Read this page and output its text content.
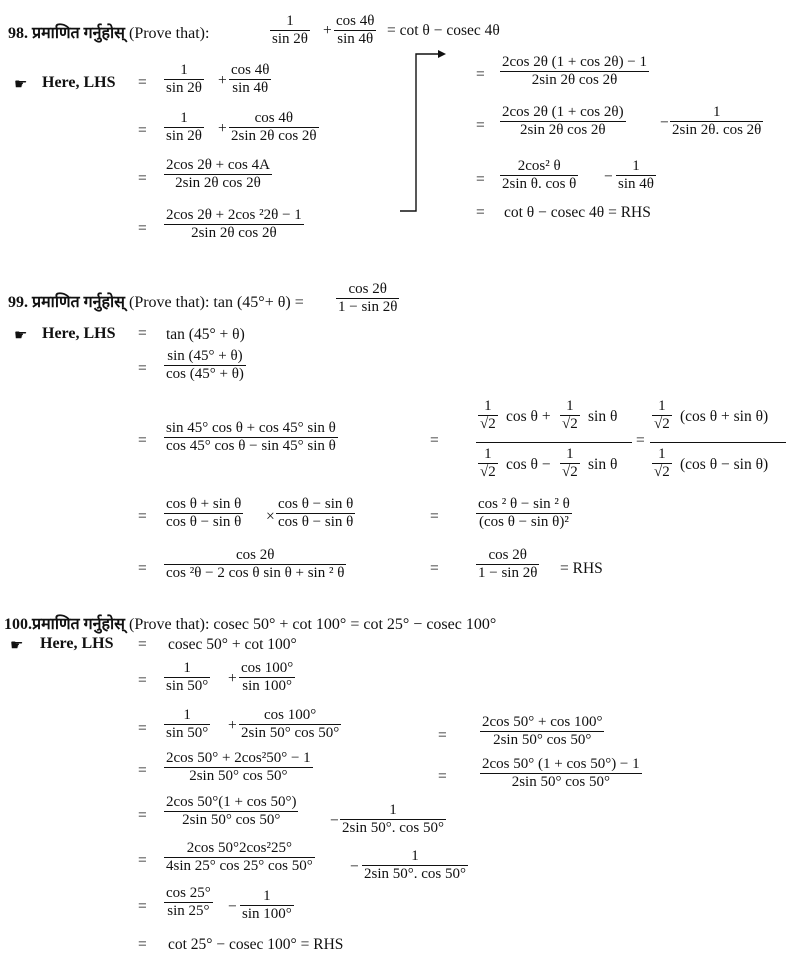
98. प्रमाणित गर्नुहोस् (Prove that):	$\frac{1}{\sin 2\theta} + \frac{\cos 4\theta}{\sin 4\theta} = \cot \theta - cosec$ 4θ
☛ Here, LHS = $\frac{1}{\sin 2\theta} + \frac{\cos 4\theta}{\sin 4\theta}$
= $\frac{1}{\sin 2\theta} + \frac{\cos 4\theta}{\text{2sin 2θ cos 2θ}}$
= $\frac{2\cos 2\theta + \cos 4A}{\text{2sin 2θ cos 2θ}}$
= $\frac{\text{2cos 2θ + 2cos ²2θ − 1}}{\text{2sin 2θ cos 2θ}}$
= $\frac{2\cos 2\theta (1 + \cos 2\theta) - 1}{\text{2sin 2θ cos 2θ}}$
= $\frac{2\cos 2\theta (1 + \cos 2\theta)}{\text{2sin 2θ cos 2θ}} - \frac{1}{2\sin 2\theta. \cos 2\theta}$
= $\frac{\text{2cos² θ}}{\text{2sin θ. cos θ}} - \frac{1}{\sin 4\theta}$
= cot θ − cosec 4θ = RHS
99. प्रमाणित गर्नुहोस् (Prove that): $\tan (45^\circ+ \theta) = \frac{\cos 2\theta}{1 - \sin 2\theta}$
☛ Here, LHS = tan (45° + θ)
= $\frac{\sin (45^\circ + \theta)}{\cos (45^\circ + \theta)}$
= $\frac{\text{sin 45° cos θ + cos 45° sin θ}}{\text{cos 45° cos θ − sin 45° sin θ}}$	=
$\frac{1}{√2}$ $\cos \theta + \frac{1}{√2}$ sin θ
$\frac{1}{√2}$ $\cos \theta - \frac{1}{√2}$ sin θ
=
$\frac{1}{√2} (\cos$ θ + sin θ)
$\frac{1}{√2} (\cos$ θ − sin θ)
= $\frac{\text{cos θ + sin θ}}{\text{cos θ − sin θ}} \times \frac{\text{cos θ − sin θ}}{\text{cos θ − sin θ}}$	= $\frac{\text{cos ² θ − sin ² θ}}{\text{(cos θ − sin θ)²}}$
= $\frac{\cos 2\theta}{\text{cos ²θ − 2 cos θ sin θ + sin ² θ}}$	= $\frac{\cos 2\theta}{1 - \sin 2\theta}$ = RHS
100.प्रमाणित गर्नुहोस् (Prove that): cosec 50° + cot 100° = cot 25° − cosec 100°
☛ Here, LHS = cosec 50° + cot 100°
= $\frac{1}{\sin 50^\circ} + \frac{\cos 100^\circ}{\sin 100^\circ}$
= $\frac{1}{\sin 50^\circ} + \frac{\cos 100^\circ}{2\sin 50^\circ \cos 50^\circ}$	= $\frac{2\cos 50^\circ + \cos 100^\circ}{2\sin 50^\circ \cos 50^\circ}$
= $\frac{\text{2cos 50° + 2cos²50° − 1}}{2\sin 50^\circ \cos 50^\circ}$	= $\frac{2\cos 50^\circ (1 + \cos 50^\circ) - 1}{2\sin 50^\circ \cos 50^\circ}$
= $\frac{2\cos 50^\circ(1 + \cos 50^\circ)}{2\sin 50^\circ \cos 50^\circ} - \frac{1}{2\sin 50^\circ. \cos 50^\circ}$
= $\frac{\text{2cos 50°2cos²25°}}{4\sin 25^\circ \cos 25^\circ \cos 50^\circ} - \frac{1}{2\sin 50^\circ. \cos 50^\circ}$
= $\frac{\cos 25^\circ}{\sin 25^\circ} - \frac{1}{\sin 100^\circ}$
= cot 25° − cosec 100° = RHS
